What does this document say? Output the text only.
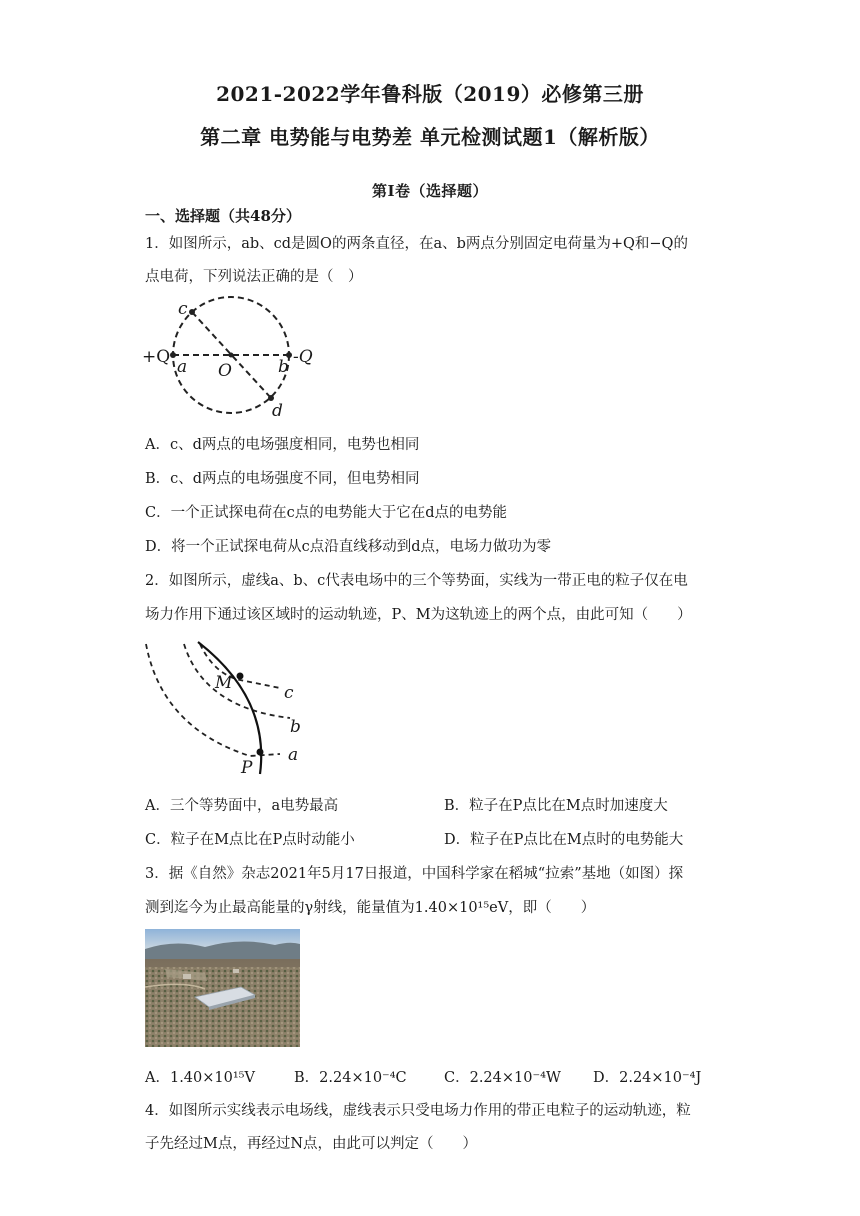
2021-2022学年鲁科版（2019）必修第三册
第二章 电势能与电势差 单元检测试题1（解析版）
第Ⅰ卷（选择题）
一、选择题（共48分）
1．如图所示，ab、cd是圆O的两条直径，在a、b两点分别固定电荷量为+Q和−Q的
点电荷，下列说法正确的是（　）
+Q a O	b -Q
c
d
A．c、d两点的电场强度相同，电势也相同
B．c、d两点的电场强度不同，但电势相同
C．一个正试探电荷在c点的电势能大于它在d点的电势能
D．将一个正试探电荷从c点沿直线移动到d点，电场力做功为零
2．如图所示，虚线a、b、c代表电场中的三个等势面，实线为一带正电的粒子仅在电
场力作用下通过该区域时的运动轨迹，P、M为这轨迹上的两个点，由此可知（　　）
M
P
c
b
a
A．三个等势面中，a电势最高	B．粒子在P点比在M点时加速度大
C．粒子在M点比在P点时动能小	D．粒子在P点比在M点时的电势能大
3．据《自然》杂志2021年5月17日报道，中国科学家在稻城“拉索”基地（如图）探
测到迄今为止最高能量的γ射线，能量值为1.40×10¹⁵eV，即（　　）
A．1.40×10¹⁵V	B．2.24×10⁻⁴C	C．2.24×10⁻⁴W D．2.24×10⁻⁴J
4．如图所示实线表示电场线，虚线表示只受电场力作用的带正电粒子的运动轨迹，粒
子先经过M点，再经过N点，由此可以判定（　　）
